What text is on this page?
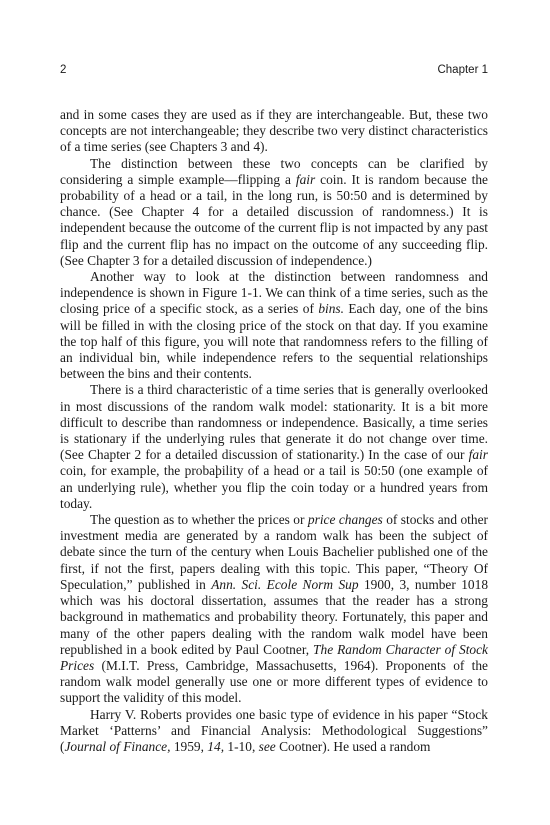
2	Chapter 1

and in some cases they are used as if they are interchangeable. But, these two concepts are not interchangeable; they describe two very distinct characteristics of a time series (see Chapters 3 and 4).

The distinction between these two concepts can be clarified by considering a simple example—flipping a fair coin. It is random because the probability of a head or a tail, in the long run, is 50:50 and is determined by chance. (See Chapter 4 for a detailed discussion of randomness.) It is independent because the outcome of the current flip is not impacted by any past flip and the current flip has no impact on the outcome of any succeeding flip. (See Chapter 3 for a detailed discussion of independence.)

Another way to look at the distinction between randomness and independence is shown in Figure 1-1. We can think of a time series, such as the closing price of a specific stock, as a series of bins. Each day, one of the bins will be filled in with the closing price of the stock on that day. If you examine the top half of this figure, you will note that randomness refers to the filling of an individual bin, while independence refers to the sequential relationships between the bins and their contents.

There is a third characteristic of a time series that is generally overlooked in most discussions of the random walk model: stationarity. It is a bit more difficult to describe than randomness or independence. Basically, a time series is stationary if the underlying rules that generate it do not change over time. (See Chapter 2 for a detailed discussion of stationarity.) In the case of our fair coin, for example, the probaþility of a head or a tail is 50:50 (one example of an underlying rule), whether you flip the coin today or a hundred years from today.

The question as to whether the prices or price changes of stocks and other investment media are generated by a random walk has been the subject of debate since the turn of the century when Louis Bachelier published one of the first, if not the first, papers dealing with this topic. This paper, “Theory Of Speculation,” published in Ann. Sci. Ecole Norm Sup 1900, 3, number 1018 which was his doctoral dissertation, assumes that the reader has a strong background in mathematics and probability theory. Fortunately, this paper and many of the other papers dealing with the random walk model have been republished in a book edited by Paul Cootner, The Random Character of Stock Prices (M.I.T. Press, Cambridge, Massachusetts, 1964). Proponents of the random walk model generally use one or more different types of evidence to support the validity of this model.

Harry V. Roberts provides one basic type of evidence in his paper “Stock Market ‘Patterns’ and Financial Analysis: Methodological Suggestions” (Journal of Finance, 1959, 14, 1-10, see Cootner). He used a random
